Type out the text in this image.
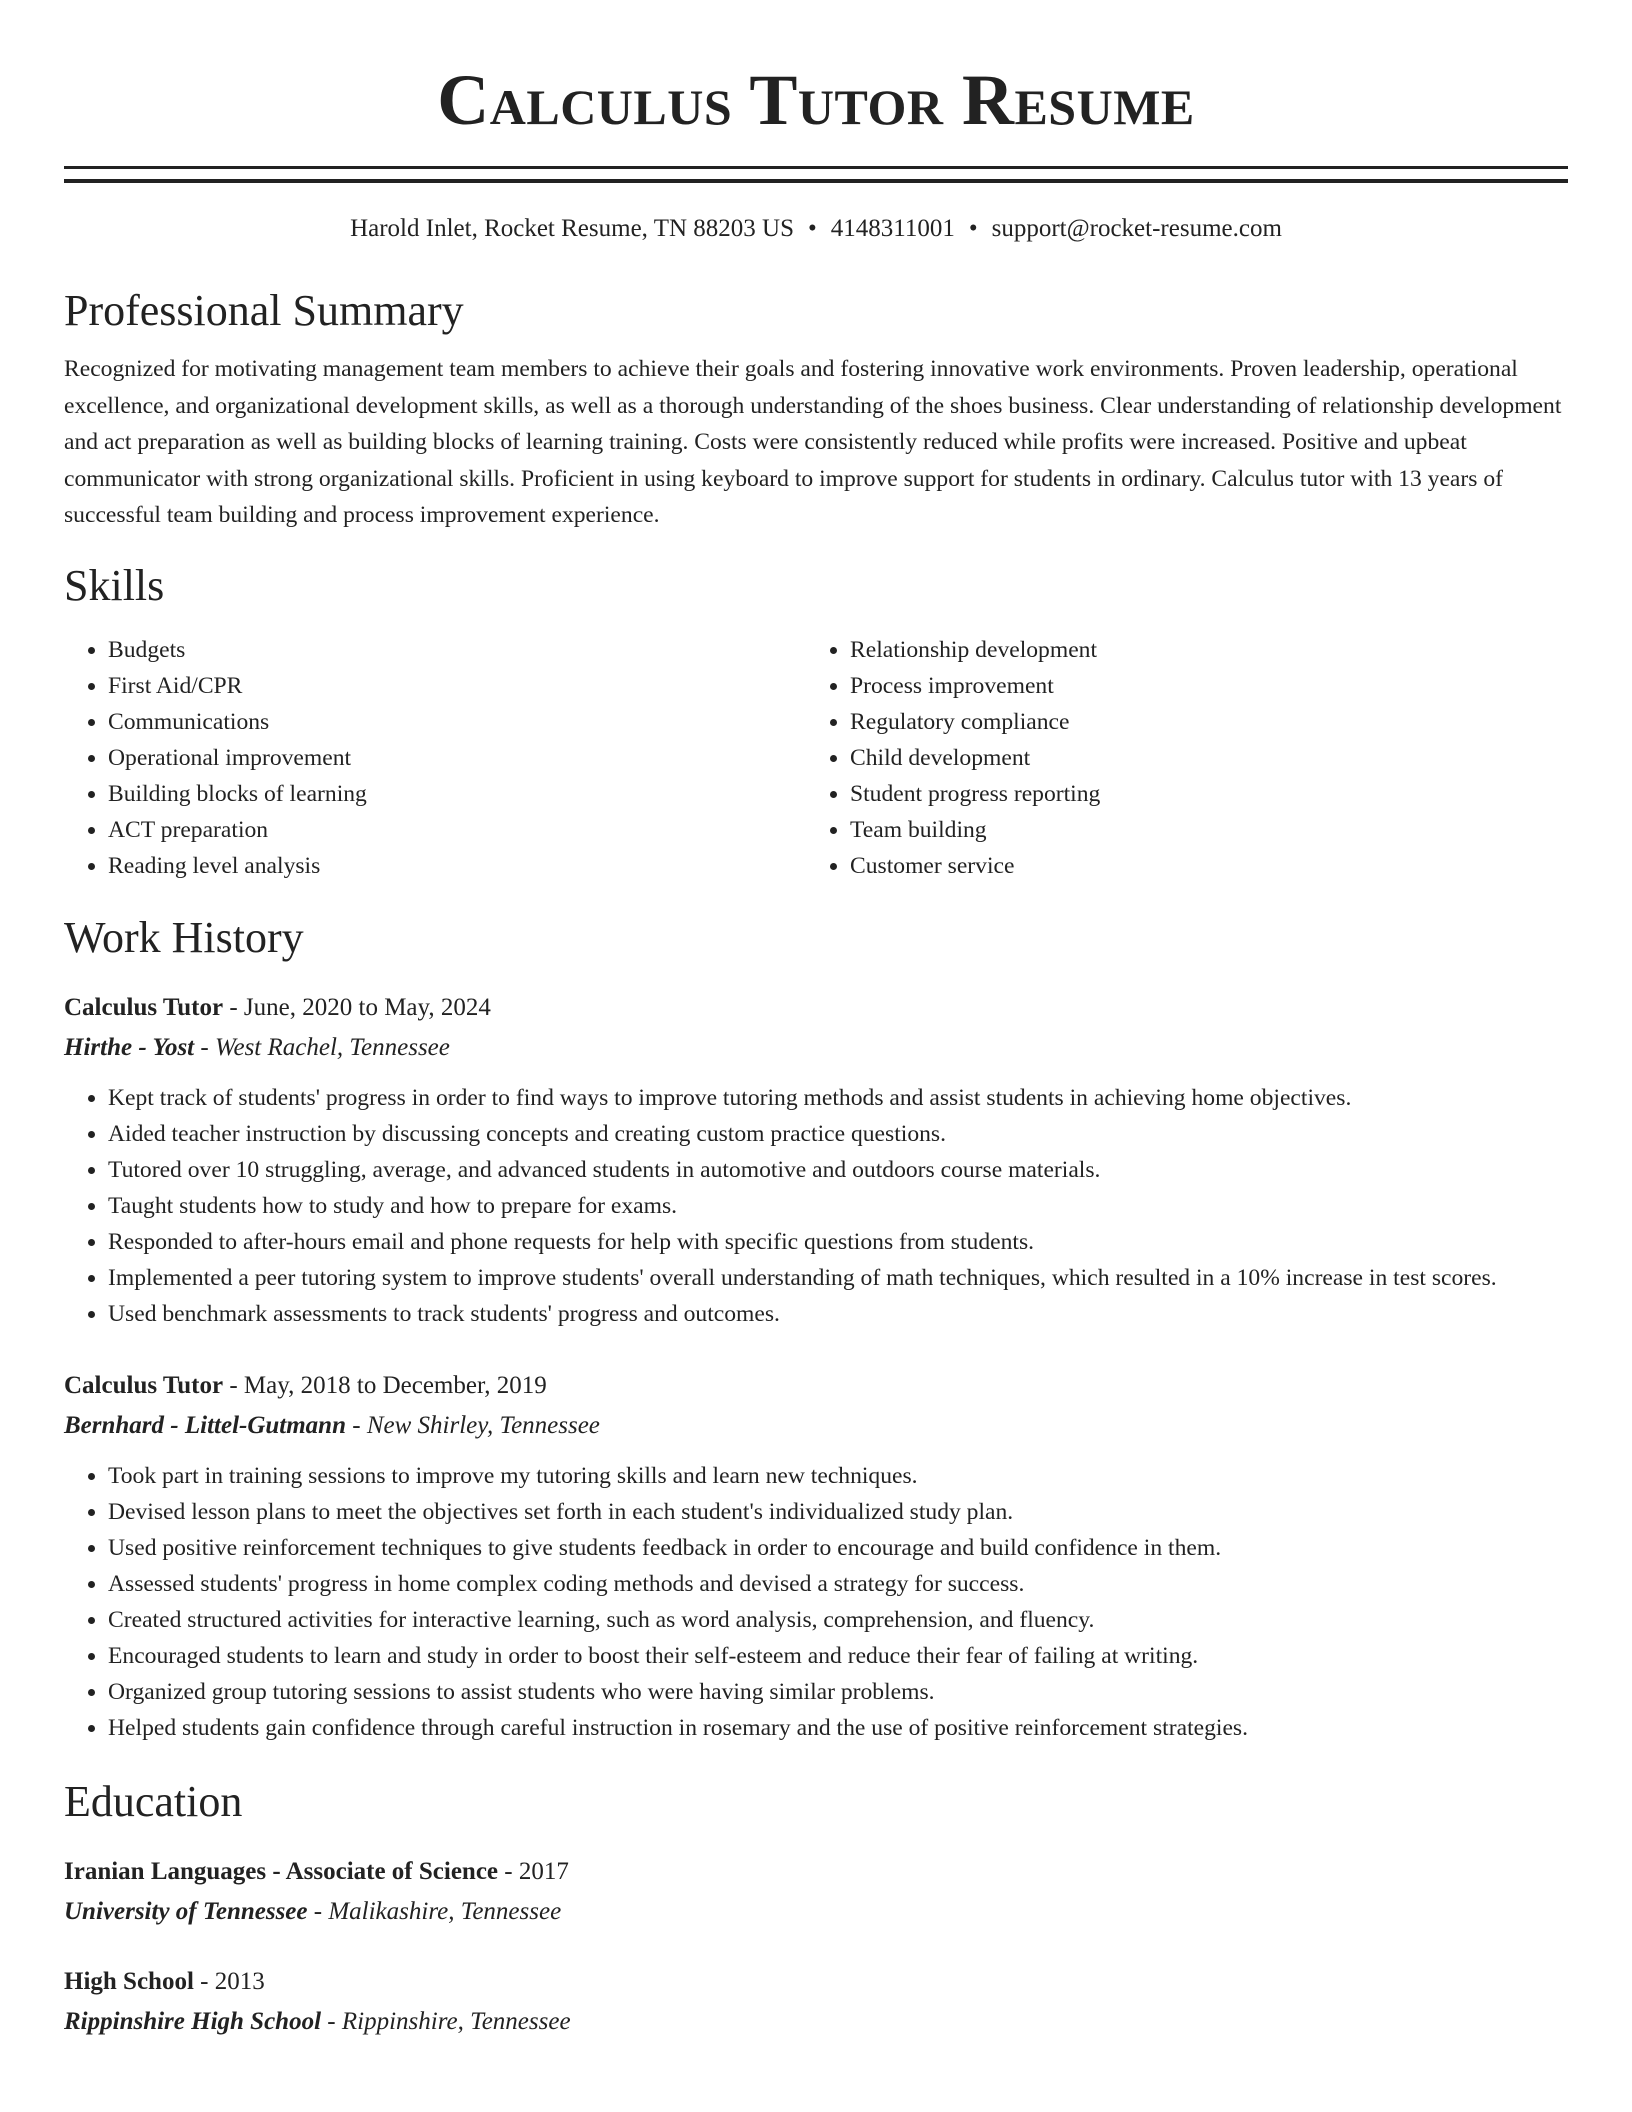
Calculus Tutor Resume
Harold Inlet, Rocket Resume, TN 88203 US • 4148311001 • support@rocket-resume.com
Professional Summary

Recognized for motivating management team members to achieve their goals and fostering innovative work environments. Proven leadership, operational excellence, and organizational development skills, as well as a thorough understanding of the shoes business. Clear understanding of relationship development and act preparation as well as building blocks of learning training. Costs were consistently reduced while profits were increased. Positive and upbeat communicator with strong organizational skills. Proficient in using keyboard to improve support for students in ordinary. Calculus tutor with 13 years of successful team building and process improvement experience.

Skills
• Budgets
• First Aid/CPR
• Communications
• Operational improvement
• Building blocks of learning
• ACT preparation
• Reading level analysis
• Relationship development
• Process improvement
• Regulatory compliance
• Child development
• Student progress reporting
• Team building
• Customer service
Work History
Calculus Tutor - June, 2020 to May, 2024
Hirthe - Yost - West Rachel, Tennessee
• Kept track of students' progress in order to find ways to improve tutoring methods and assist students in achieving home objectives.
• Aided teacher instruction by discussing concepts and creating custom practice questions.
• Tutored over 10 struggling, average, and advanced students in automotive and outdoors course materials.
• Taught students how to study and how to prepare for exams.
• Responded to after-hours email and phone requests for help with specific questions from students.
• Implemented a peer tutoring system to improve students' overall understanding of math techniques, which resulted in a 10% increase in test scores.
• Used benchmark assessments to track students' progress and outcomes.
Calculus Tutor - May, 2018 to December, 2019
Bernhard - Littel-Gutmann - New Shirley, Tennessee
• Took part in training sessions to improve my tutoring skills and learn new techniques.
• Devised lesson plans to meet the objectives set forth in each student's individualized study plan.
• Used positive reinforcement techniques to give students feedback in order to encourage and build confidence in them.
• Assessed students' progress in home complex coding methods and devised a strategy for success.
• Created structured activities for interactive learning, such as word analysis, comprehension, and fluency.
• Encouraged students to learn and study in order to boost their self-esteem and reduce their fear of failing at writing.
• Organized group tutoring sessions to assist students who were having similar problems.
• Helped students gain confidence through careful instruction in rosemary and the use of positive reinforcement strategies.
Education
Iranian Languages - Associate of Science - 2017
University of Tennessee - Malikashire, Tennessee
High School - 2013
Rippinshire High School - Rippinshire, Tennessee
